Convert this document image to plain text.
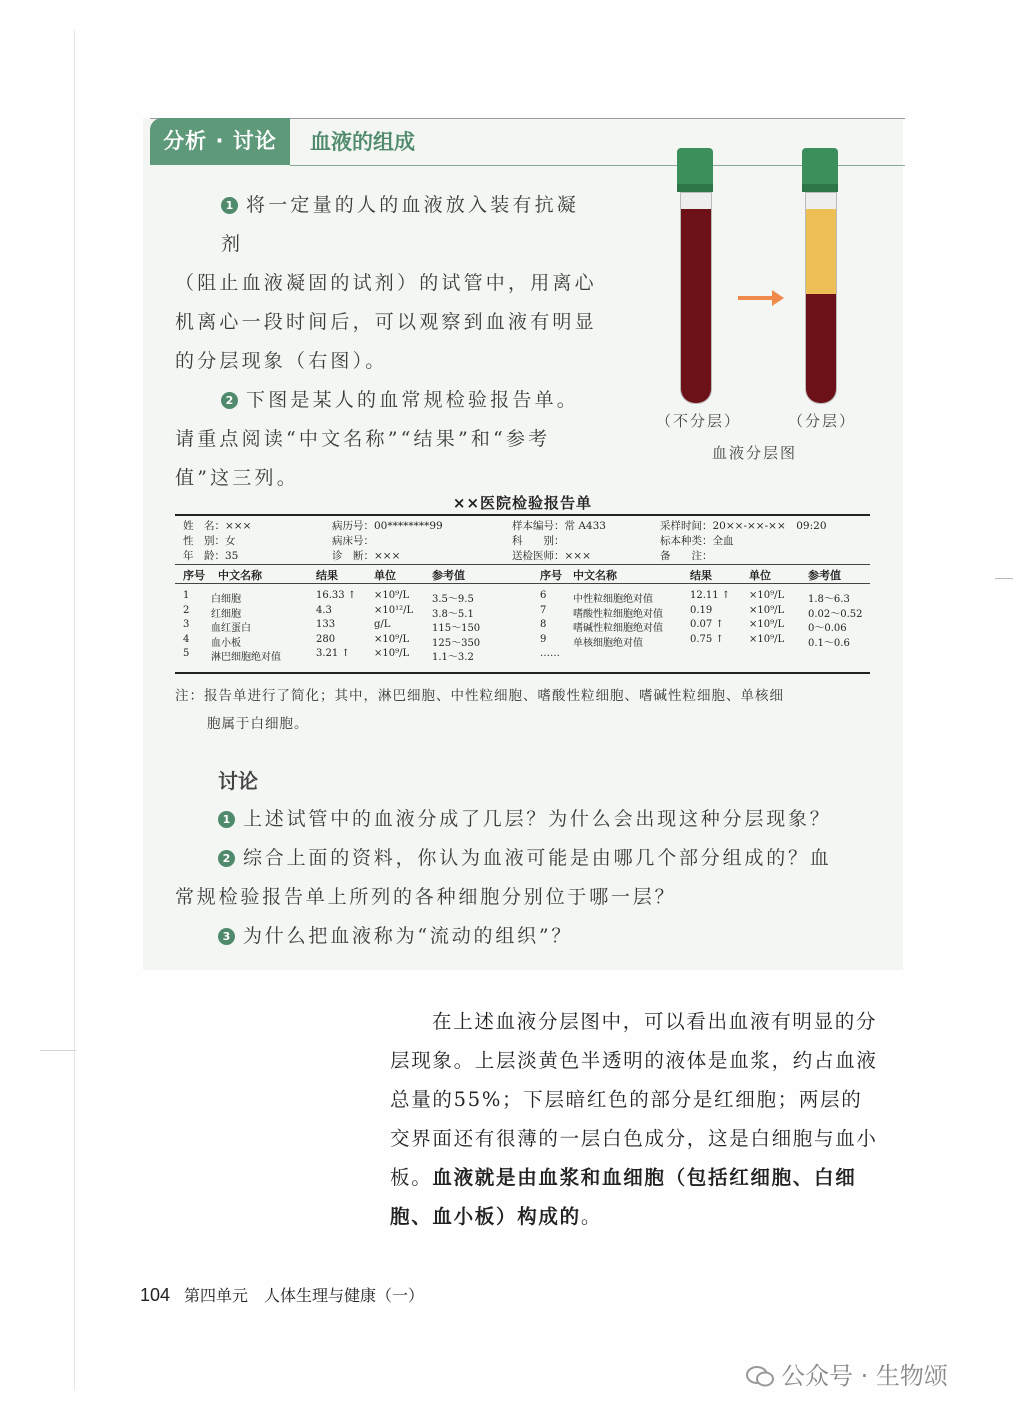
分析 · 讨论	血液的组成

1 将一定量的人的血液放入装有抗凝剂

（阻止血液凝固的试剂）的试管中，用离心

机离心一段时间后，可以观察到血液有明显

的分层现象（右图）。

2 下图是某人的血常规检验报告单。

请重点阅读“中文名称”“结果”和“参考

值”这三列。

（不分层）	（分层）
血液分层图
××医院检验报告单
姓　名：×××
性　别：女
年　龄：35
病历号：00********99
病床号：
诊　断：×××
样本编号：常 A433
科　　别：
送检医师：×××
采样时间：20××-××-××　09:20
标本种类：全血
备　　注：
序号 中文名称	结果	单位	参考值	序号 中文名称	结果	单位	参考值
1 白细胞	16.33 ↑ ×10⁹/L 3.5～9.5
2 红细胞	4.3	×10¹²/L 3.8～5.1
3 血红蛋白	133	g/L	115～150
4 血小板	280	×10⁹/L 125～350
5 淋巴细胞绝对值	3.21 ↑ ×10⁹/L 1.1～3.2
6	中性粒细胞绝对值	12.11 ↑ ×10⁹/L 1.8～6.3
7	嗜酸性粒细胞绝对值	0.19	×10⁹/L 0.02～0.52
8	嗜碱性粒细胞绝对值	0.07 ↑	×10⁹/L 0～0.06
9	单核细胞绝对值	0.75 ↑	×10⁹/L 0.1～0.6
……

注：报告单进行了简化；其中，淋巴细胞、中性粒细胞、嗜酸性粒细胞、嗜碱性粒细胞、单核细

胞属于白细胞。

讨论

1 上述试管中的血液分成了几层？为什么会出现这种分层现象？

2 综合上面的资料，你认为血液可能是由哪几个部分组成的？血

常规检验报告单上所列的各种细胞分别位于哪一层？

3 为什么把血液称为“流动的组织”？

在上述血液分层图中，可以看出血液有明显的分

层现象。上层淡黄色半透明的液体是血浆，约占血液

总量的55%；下层暗红色的部分是红细胞；两层的

交界面还有很薄的一层白色成分，这是白细胞与血小

板。血液就是由血浆和血细胞（包括红细胞、白细

胞、血小板）构成的。

104 第四单元　人体生理与健康（一）
公众号 · 生物颂
